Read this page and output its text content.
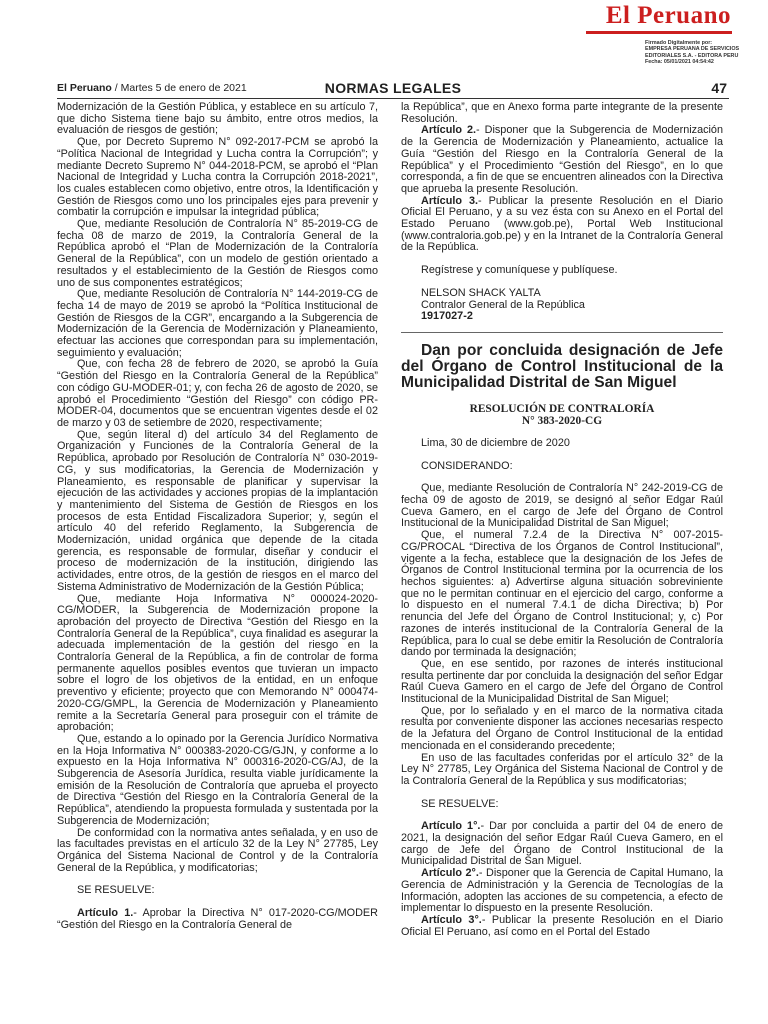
El Peruano
Firmado Digitalmente por:
EMPRESA PERUANA DE SERVICIOS
EDITORIALES S.A. - EDITORA PERU
Fecha: 05/01/2021 04:54:42
El Peruano / Martes 5 de enero de 2021	NORMAS LEGALES	47

Modernización de la Gestión Pública, y establece en su artículo 7, que dicho Sistema tiene bajo su ámbito, entre otros medios, la evaluación de riesgos de gestión;

Que, por Decreto Supremo N° 092-2017-PCM se aprobó la “Política Nacional de Integridad y Lucha contra la Corrupción”; y mediante Decreto Supremo N° 044-2018-PCM, se aprobó el “Plan Nacional de Integridad y Lucha contra la Corrupción 2018-2021”, los cuales establecen como objetivo, entre otros, la Identificación y Gestión de Riesgos como uno los principales ejes para prevenir y combatir la corrupción e impulsar la integridad pública;

Que, mediante Resolución de Contraloría N° 85-2019-CG de fecha 08 de marzo de 2019, la Contraloría General de la República aprobó el “Plan de Modernización de la Contraloría General de la República”, con un modelo de gestión orientado a resultados y el establecimiento de la Gestión de Riesgos como uno de sus componentes estratégicos;

Que, mediante Resolución de Contraloría N° 144-2019-CG de fecha 14 de mayo de 2019 se aprobó la “Política Institucional de Gestión de Riesgos de la CGR”, encargando a la Subgerencia de Modernización de la Gerencia de Modernización y Planeamiento, efectuar las acciones que correspondan para su implementación, seguimiento y evaluación;

Que, con fecha 28 de febrero de 2020, se aprobó la Guía “Gestión del Riesgo en la Contraloría General de la República” con código GU-MODER-01; y, con fecha 26 de agosto de 2020, se aprobó el Procedimiento “Gestión del Riesgo” con código PR-MODER-04, documentos que se encuentran vigentes desde el 02 de marzo y 03 de setiembre de 2020, respectivamente;

Que, según literal d) del artículo 34 del Reglamento de Organización y Funciones de la Contraloría General de la República, aprobado por Resolución de Contraloría N° 030-2019-CG, y sus modificatorias, la Gerencia de Modernización y Planeamiento, es responsable de planificar y supervisar la ejecución de las actividades y acciones propias de la implantación y mantenimiento del Sistema de Gestión de Riesgos en los procesos de esta Entidad Fiscalizadora Superior; y, según el artículo 40 del referido Reglamento, la Subgerencia de Modernización, unidad orgánica que depende de la citada gerencia, es responsable de formular, diseñar y conducir el proceso de modernización de la institución, dirigiendo las actividades, entre otros, de la gestión de riesgos en el marco del Sistema Administrativo de Modernización de la Gestión Pública;

Que, mediante Hoja Informativa N° 000024-2020-CG/MODER, la Subgerencia de Modernización propone la aprobación del proyecto de Directiva “Gestión del Riesgo en la Contraloría General de la República”, cuya finalidad es asegurar la adecuada implementación de la gestión del riesgo en la Contraloría General de la República, a fin de controlar de forma permanente aquellos posibles eventos que tuvieran un impacto sobre el logro de los objetivos de la entidad, en un enfoque preventivo y eficiente; proyecto que con Memorando N° 000474-2020-CG/GMPL, la Gerencia de Modernización y Planeamiento remite a la Secretaría General para proseguir con el trámite de aprobación;

Que, estando a lo opinado por la Gerencia Jurídico Normativa en la Hoja Informativa N° 000383-2020-CG/GJN, y conforme a lo expuesto en la Hoja Informativa N° 000316-2020-CG/AJ, de la Subgerencia de Asesoría Jurídica, resulta viable jurídicamente la emisión de la Resolución de Contraloría que aprueba el proyecto de Directiva “Gestión del Riesgo en la Contraloría General de la República”, atendiendo la propuesta formulada y sustentada por la Subgerencia de Modernización;

De conformidad con la normativa antes señalada, y en uso de las facultades previstas en el artículo 32 de la Ley N° 27785, Ley Orgánica del Sistema Nacional de Control y de la Contraloría General de la República, y modificatorias;

SE RESUELVE:

Artículo 1.- Aprobar la Directiva N° 017-2020-CG/MODER “Gestión del Riesgo en la Contraloría General de

la República”, que en Anexo forma parte integrante de la presente Resolución.

Artículo 2.- Disponer que la Subgerencia de Modernización de la Gerencia de Modernización y Planeamiento, actualice la Guía “Gestión del Riesgo en la Contraloría General de la República” y el Procedimiento “Gestión del Riesgo”, en lo que corresponda, a fin de que se encuentren alineados con la Directiva que aprueba la presente Resolución.

Artículo 3.- Publicar la presente Resolución en el Diario Oficial El Peruano, y a su vez ésta con su Anexo en el Portal del Estado Peruano (www.gob.pe), Portal Web Institucional (www.contraloria.gob.pe) y en la Intranet de la Contraloría General de la República.

Regístrese y comuníquese y publíquese.

NELSON SHACK YALTA

Contralor General de la República

1917027-2

Dan por concluida designación de Jefe del Órgano de Control Institucional de la Municipalidad Distrital de San Miguel

RESOLUCIÓN DE CONTRALORÍA
N° 383-2020-CG

Lima, 30 de diciembre de 2020

CONSIDERANDO:

Que, mediante Resolución de Contraloría N° 242-2019-CG de fecha 09 de agosto de 2019, se designó al señor Edgar Raúl Cueva Gamero, en el cargo de Jefe del Órgano de Control Institucional de la Municipalidad Distrital de San Miguel;

Que, el numeral 7.2.4 de la Directiva N° 007-2015-CG/PROCAL “Directiva de los Órganos de Control Institucional”, vigente a la fecha, establece que la designación de los Jefes de Órganos de Control Institucional termina por la ocurrencia de los hechos siguientes: a) Advertirse alguna situación sobreviniente que no le permitan continuar en el ejercicio del cargo, conforme a lo dispuesto en el numeral 7.4.1 de dicha Directiva; b) Por renuncia del Jefe del Órgano de Control Institucional; y, c) Por razones de interés institucional de la Contraloría General de la República, para lo cual se debe emitir la Resolución de Contraloría dando por terminada la designación;

Que, en ese sentido, por razones de interés institucional resulta pertinente dar por concluida la designación del señor Edgar Raúl Cueva Gamero en el cargo de Jefe del Órgano de Control Institucional de la Municipalidad Distrital de San Miguel;

Que, por lo señalado y en el marco de la normativa citada resulta por conveniente disponer las acciones necesarias respecto de la Jefatura del Órgano de Control Institucional de la entidad mencionada en el considerando precedente;

En uso de las facultades conferidas por el artículo 32° de la Ley N° 27785, Ley Orgánica del Sistema Nacional de Control y de la Contraloría General de la República y sus modificatorias;

SE RESUELVE:

Artículo 1°.- Dar por concluida a partir del 04 de enero de 2021, la designación del señor Edgar Raúl Cueva Gamero, en el cargo de Jefe del Órgano de Control Institucional de la Municipalidad Distrital de San Miguel.

Artículo 2°.- Disponer que la Gerencia de Capital Humano, la Gerencia de Administración y la Gerencia de Tecnologías de la Información, adopten las acciones de su competencia, a efecto de implementar lo dispuesto en la presente Resolución.

Artículo 3°.- Publicar la presente Resolución en el Diario Oficial El Peruano, así como en el Portal del Estado
